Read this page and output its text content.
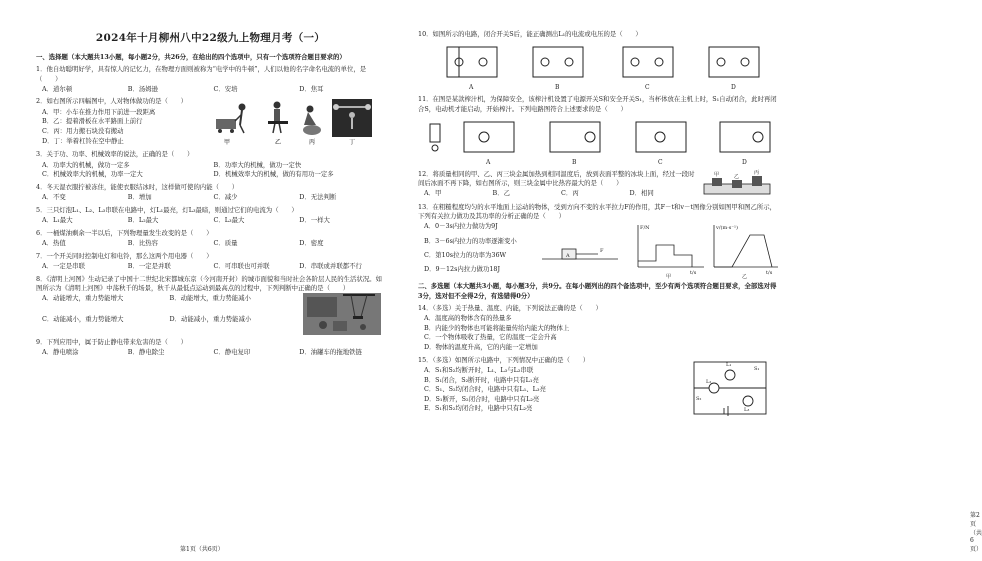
2024年十月柳州八中22级九上物理月考（一）
一、选择题（本大题共13小题，每小题2分，共26分，在给出的四个选项中，只有一个选项符合题目要求的）
1．他自幼聪明好学，具有惊人的记忆力，在物理方面则被称为“电学中的牛顿”，人们以他的名字命名电流的单位，是（　　）
A．道尔顿	B．汤姆逊	C．安培	D．焦耳
2．如右图所示四幅图中，人对物体做功的是（　　）
A．甲：小车在推力作用下前进一段距离
B．乙：提着滑板在水平路面上前行
C．丙：用力搬石块没有搬动
D．丁：举着杠铃在空中静止	甲	乙	丙	丁
3．关于功、功率、机械效率的说法，正确的是（　　）
A．功率大的机械，做功一定多	B．功率大的机械，做功一定快
C．机械效率大的机械，功率一定大	D．机械效率大的机械，做的有用功一定多
4．冬天湿衣服拧被冻住，能使衣服结冰时，这样做可使的内能（　　）
A．不变	B．增加	C．减少	D．无法判断
5．三只灯泡L₁、L₂、L₃串联在电路中，灯L₁最亮，灯L₃最暗，则通过它们的电流为（　　）
A．L₁最大	B．L₂最大	C．L₃最大	D．一样大
6．一桶煤油剩余一半以后，下列物理量发生改变的是（　　）
A．热值	B．比热容	C．质量	D．密度
7．一个开关同时控制电灯和电铃，那么这两个用电器（　　）
A．一定是串联	B．一定是并联	C．可串联也可并联	D．串联或并联都不行
8．《清明上河图》生动记录了中国十二世纪北宋都城东京（今河南开封）的城市面貌和当时社会各阶层人民的生活状况。如图所示为《清明上河图》中荡秋千的场景，秋千从最低点运动到最高点的过程中，下列判断中正确的是（　　）
A．动能增大，重力势能增大	B．动能增大，重力势能减小
C．动能减小，重力势能增大	D．动能减小，重力势能减小
9．下列应用中，属于防止静电带来危害的是（　　）
A．静电喷涂	B．静电除尘	C．静电复印	D．油罐车的拖地铁链
第1页（共6页）
10．如图所示的电路，闭合开关S后，能正确测出L₁的电流或电压的是（　　）
A	B	C	D
11．在图是某款榨汁机，为保障安全，该榨汁机设置了电源开关S和安全开关S₁，当杯体放在主机上时，S₁自动闭合，此时再闭合S，电动机才能启动，开始榨汁。下列电路图符合上述要求的是（　　）
A	B	C	D
12．将质量相同的甲、乙、丙三块金属加热到相同温度后，放到表面平整的冰块上面，经过一段时间后冰面不再下降，如右图所示，则三块金属中比热容最大的是（　　）
A．甲	B．乙	C．丙	D．相同
甲	乙
丙
13．在粗糙程度均匀的水平地面上运动的物体，受到方向不变的水平拉力F的作用，其F－t和v－t图像分别如图甲和图乙所示，下列有关拉力做功及其功率的分析正确的是（　　）
A．0－3s内拉力做功为9J
B．3－6s内拉力的功率逐渐变小
C．第10s拉力的功率为36W
D．9－12s内拉力做功18J
A
F
F/N	v/(m·s⁻¹)
t/s	t/s
甲	乙
二、多选题（本大题共3小题，每小题3分，共9分。在每小题列出的四个备选项中，至少有两个选项符合题目要求，全部选对得3分，选对但不全得2分，有选错得0分）
14．（多选）关于热量、温度、内能，下列说法正确的是（　　）
A．温度高的物体含有的热量多
B．内能少的物体也可能将能量传给内能大的物体上
C．一个物体吸收了热量，它的温度一定会升高
D．物体的温度升高，它的内能一定增加
15．（多选）如图所示电路中，下列情况中正确的是（　　）
A．S₁和S₂均断开时，L₁、L₃与L₂串联
B．S₁闭合，S₂断开时，电路中只有L₁亮
C．S₁、S₂均闭合时，电路中只有L₁、L₃亮
D．S₁断开，S₂闭合时，电路中只有L₂亮
E．S₁和S₂均闭合时，电路中只有L₂亮
L₁
L₂
L₃
S₁
S₂
第2页（共6页）
